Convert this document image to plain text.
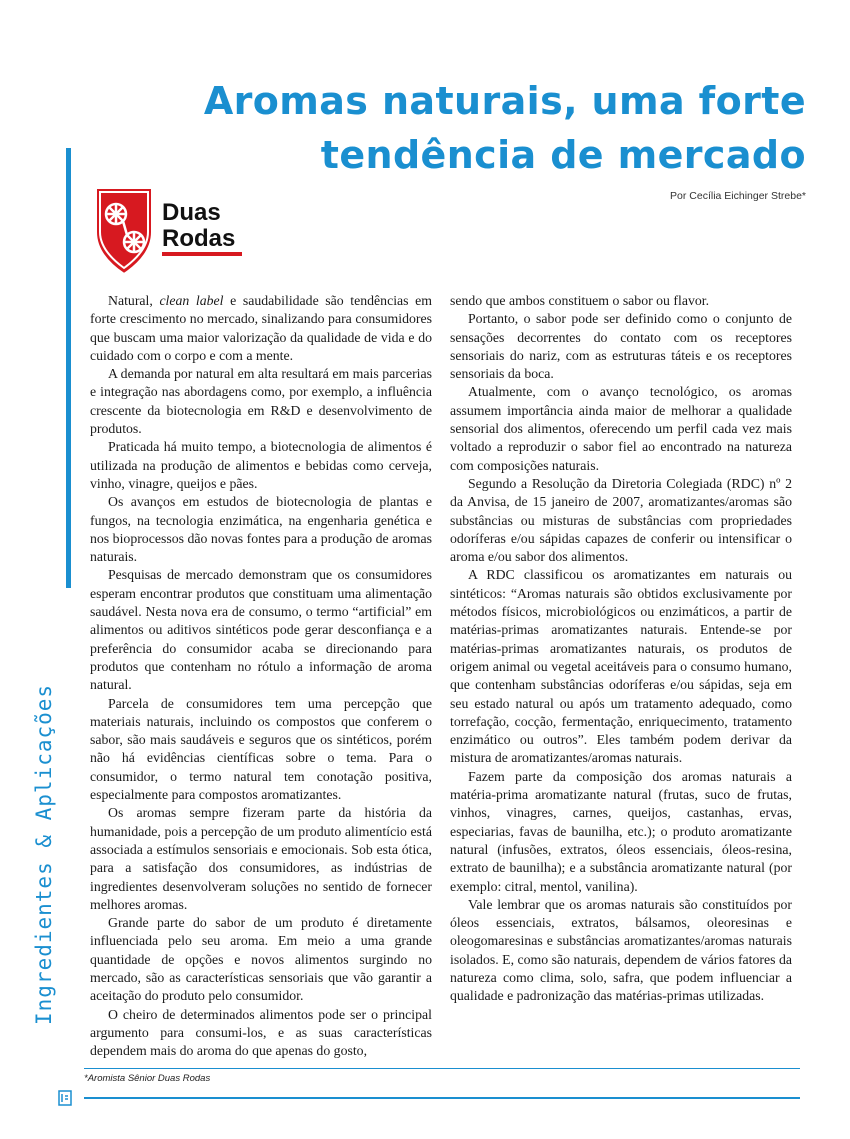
Aromas naturais, uma forte
tendência de mercado
Por Cecília Eichinger Strebe*
Ingredientes & Aplicações
Duas
Rodas

Natural, clean label e saudabilidade são tendências em forte crescimento no mercado, sinalizando para consumidores que buscam uma maior valorização da qualidade de vida e do cuidado com o corpo e com a mente.

A demanda por natural em alta resultará em mais parcerias e integração nas abordagens como, por exemplo, a influência crescente da biotecnologia em R&D e desenvolvimento de produtos.

Praticada há muito tempo, a biotecnologia de alimentos é utilizada na produção de alimentos e bebidas como cerveja, vinho, vinagre, queijos e pães.

Os avanços em estudos de biotecnologia de plantas e fungos, na tecnologia enzimática, na engenharia genética e nos bioprocessos dão novas fontes para a produção de aromas naturais.

Pesquisas de mercado demonstram que os consumidores esperam encontrar produtos que constituam uma alimentação saudável. Nesta nova era de consumo, o termo “artificial” em alimentos ou aditivos sintéticos pode gerar desconfiança e a preferência do consumidor acaba se direcionando para produtos que contenham no rótulo a informação de aroma natural.

Parcela de consumidores tem uma percepção que materiais naturais, incluindo os compostos que conferem o sabor, são mais saudáveis e seguros que os sintéticos, porém não há evidências científicas sobre o tema. Para o consumidor, o termo natural tem conotação positiva, especialmente para compostos aromatizantes.

Os aromas sempre fizeram parte da história da humanidade, pois a percepção de um produto alimentício está associada a estímulos sensoriais e emocionais. Sob esta ótica, para a satisfação dos consumidores, as indústrias de ingredientes desenvolveram soluções no sentido de fornecer melhores aromas.

Grande parte do sabor de um produto é diretamente influenciada pelo seu aroma. Em meio a uma grande quantidade de opções e novos alimentos surgindo no mercado, são as características sensoriais que vão garantir a aceitação do produto pelo consumidor.

O cheiro de determinados alimentos pode ser o principal argumento para consumi-los, e as suas características dependem mais do aroma do que apenas do gosto,

sendo que ambos constituem o sabor ou flavor.

Portanto, o sabor pode ser definido como o conjunto de sensações decorrentes do contato com os receptores sensoriais do nariz, com as estruturas táteis e os receptores sensoriais da boca.

Atualmente, com o avanço tecnológico, os aromas assumem importância ainda maior de melhorar a qualidade sensorial dos alimentos, oferecendo um perfil cada vez mais voltado a reproduzir o sabor fiel ao encontrado na natureza com composições naturais.

Segundo a Resolução da Diretoria Colegiada (RDC) nº 2 da Anvisa, de 15 janeiro de 2007, aromatizantes/aromas são substâncias ou misturas de substâncias com propriedades odoríferas e/ou sápidas capazes de conferir ou intensificar o aroma e/ou sabor dos alimentos.

A RDC classificou os aromatizantes em naturais ou sintéticos: “Aromas naturais são obtidos exclusivamente por métodos físicos, microbiológicos ou enzimáticos, a partir de matérias-primas aromatizantes naturais. Entende-se por matérias-primas aromatizantes naturais, os produtos de origem animal ou vegetal aceitáveis para o consumo humano, que contenham substâncias odoríferas e/ou sápidas, seja em seu estado natural ou após um tratamento adequado, como torrefação, cocção, fermentação, enriquecimento, tratamento enzimático ou outros”. Eles também podem derivar da mistura de aromatizantes/aromas naturais.

Fazem parte da composição dos aromas naturais a matéria-prima aromatizante natural (frutas, suco de frutas, vinhos, vinagres, carnes, queijos, castanhas, ervas, especiarias, favas de baunilha, etc.); o produto aromatizante natural (infusões, extratos, óleos essenciais, óleos-resina, extrato de baunilha); e a substância aromatizante natural (por exemplo: citral, mentol, vanilina).

Vale lembrar que os aromas naturais são constituídos por óleos essenciais, extratos, bálsamos, oleoresinas e oleogomaresinas e substâncias aromatizantes/aromas naturais isolados. E, como são naturais, dependem de vários fatores da natureza como clima, solo, safra, que podem influenciar a qualidade e padronização das matérias-primas utilizadas.

*Aromista Sênior Duas Rodas
